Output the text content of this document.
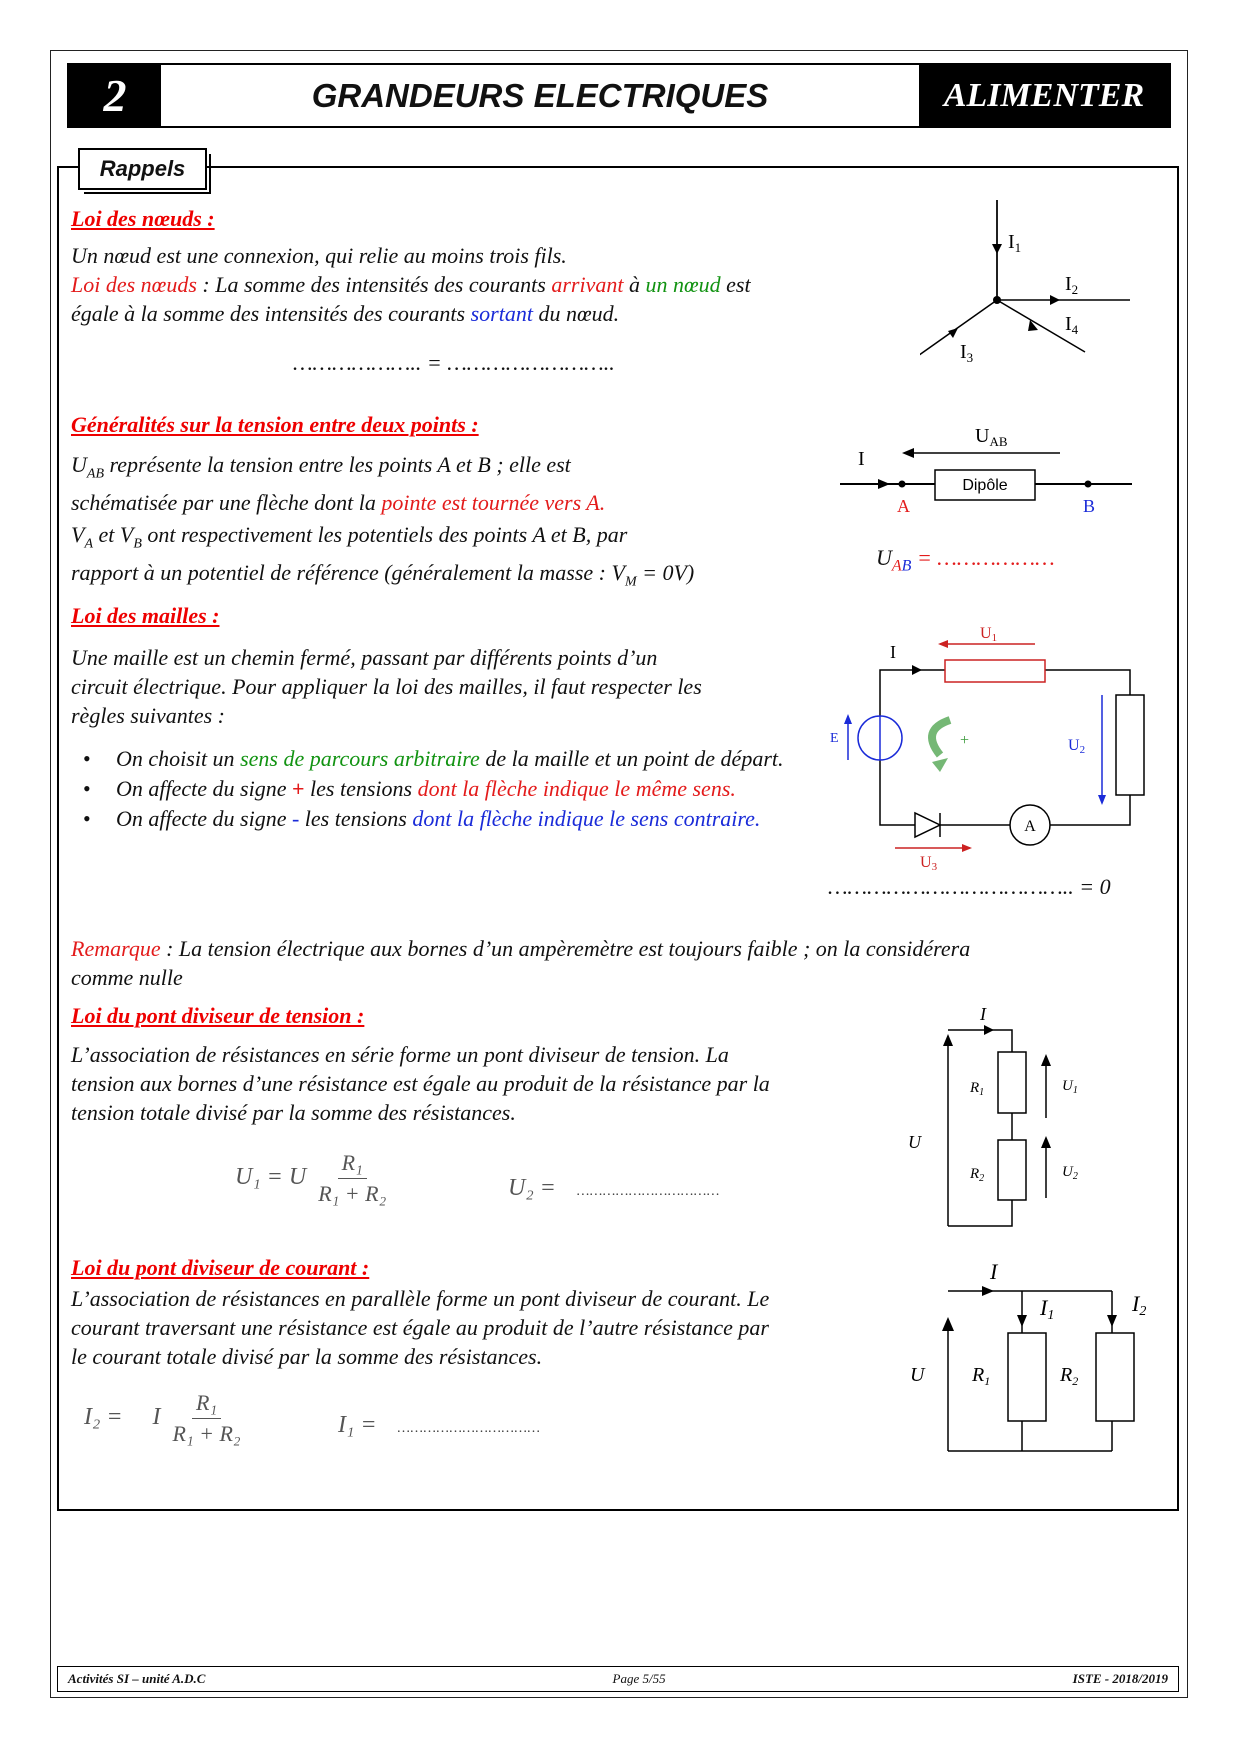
2	GRANDEURS ELECTRIQUES	ALIMENTER
Rappels
Loi des nœuds :
Un nœud est une connexion, qui relie au moins trois fils.
Loi des nœuds : La somme des intensités des courants arrivant à un nœud est
égale à la somme des intensités des courants sortant du nœud.
……………….. = ……………………..
$I_1$
$I_2$
$I_4$
$I_3$
Généralités sur la tension entre deux points :
$U_{AB}$ représente la tension entre les points A et B ; elle est
schématisée par une flèche dont la pointe est tournée vers A.
$V_A$ et $V_B$ ont respectivement les potentiels des points A et B, par
rapport à un potentiel de référence (généralement la masse : $V_M = 0V$)
$U_{AB}$
I
Dipôle
A	B
$U_{AB}$ = ………………
Loi des mailles :
Une maille est un chemin fermé, passant par différents points d’un
circuit électrique. Pour appliquer la loi des mailles, il faut respecter les
règles suivantes :
• On choisit un sens de parcours arbitraire de la maille et un point de départ.
• On affecte du signe + les tensions dont la flèche indique le même sens.
• On affecte du signe - les tensions dont la flèche indique le sens contraire.
U1
I
U2
E	+
A
U3
……………………………….. = 0
Remarque : La tension électrique aux bornes d’un ampèremètre est toujours faible ; on la considérera
comme nulle
Loi du pont diviseur de tension :
L’association de résistances en série forme un pont diviseur de tension. La
tension aux bornes d’une résistance est égale au produit de la résistance par la
tension totale divisé par la somme des résistances.
U₁ = U $\frac{\text{R₁}}{\text{R₁ + R₂}}$	U₂ = ……………………………
I
U
$R_1$
$R_2$
$U_1$
$U_2$
Loi du pont diviseur de courant :
L’association de résistances en parallèle forme un pont diviseur de courant. Le
courant traversant une résistance est égale au produit de l’autre résistance par
le courant totale divisé par la somme des résistances.
I₂ = I $\frac{\text{R₁}}{\text{R₁ + R₂}}$	I₁ = ……………………………
I
I1	I2
U $R_1$	$R_2$
Activités SI – unité A.D.C	Page 5/55	ISTE - 2018/2019
